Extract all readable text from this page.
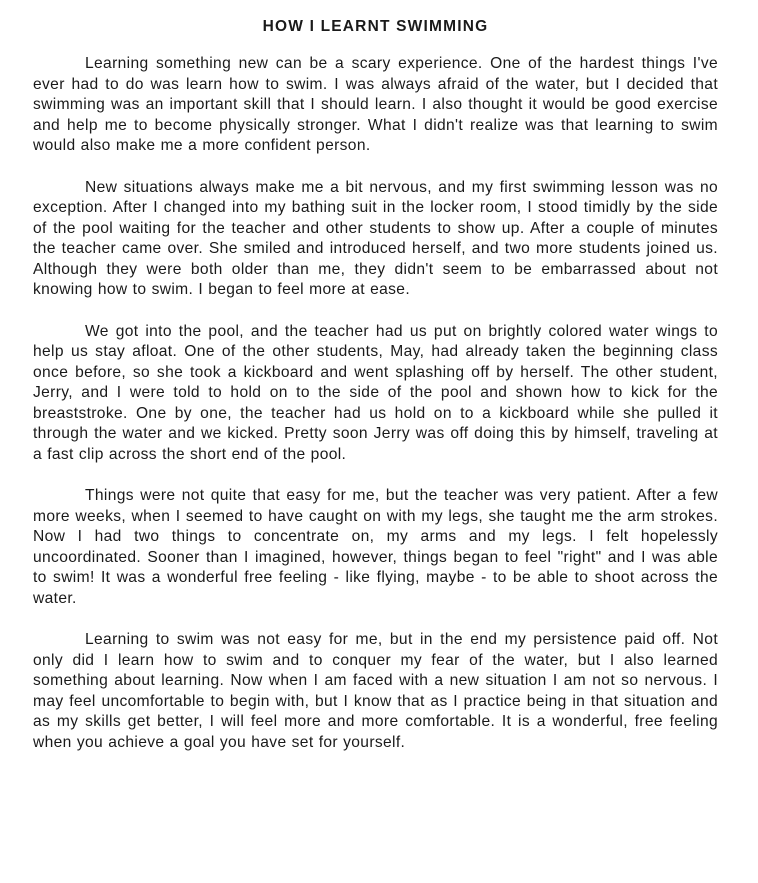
HOW I LEARNT SWIMMING

Learning something new can be a scary experience. One of the hardest things I've ever had to do was learn how to swim. I was always afraid of the water, but I decided that swimming was an important skill that I should learn. I also thought it would be good exercise and help me to become physically stronger. What I didn't realize was that learning to swim would also make me a more confident person.

New situations always make me a bit nervous, and my first swimming lesson was no exception. After I changed into my bathing suit in the locker room, I stood timidly by the side of the pool waiting for the teacher and other students to show up. After a couple of minutes the teacher came over. She smiled and introduced herself, and two more students joined us. Although they were both older than me, they didn't seem to be embarrassed about not knowing how to swim. I began to feel more at ease.

We got into the pool, and the teacher had us put on brightly colored water wings to help us stay afloat. One of the other students, May, had already taken the beginning class once before, so she took a kickboard and went splashing off by herself. The other student, Jerry, and I were told to hold on to the side of the pool and shown how to kick for the breaststroke. One by one, the teacher had us hold on to a kickboard while she pulled it through the water and we kicked. Pretty soon Jerry was off doing this by himself, traveling at a fast clip across the short end of the pool.

Things were not quite that easy for me, but the teacher was very patient. After a few more weeks, when I seemed to have caught on with my legs, she taught me the arm strokes. Now I had two things to concentrate on, my arms and my legs. I felt hopelessly uncoordinated. Sooner than I imagined, however, things began to feel "right" and I was able to swim! It was a wonderful free feeling - like flying, maybe - to be able to shoot across the water.

Learning to swim was not easy for me, but in the end my persistence paid off. Not only did I learn how to swim and to conquer my fear of the water, but I also learned something about learning. Now when I am faced with a new situation I am not so nervous. I may feel uncomfortable to begin with, but I know that as I practice being in that situation and as my skills get better, I will feel more and more comfortable. It is a wonderful, free feeling when you achieve a goal you have set for yourself.
